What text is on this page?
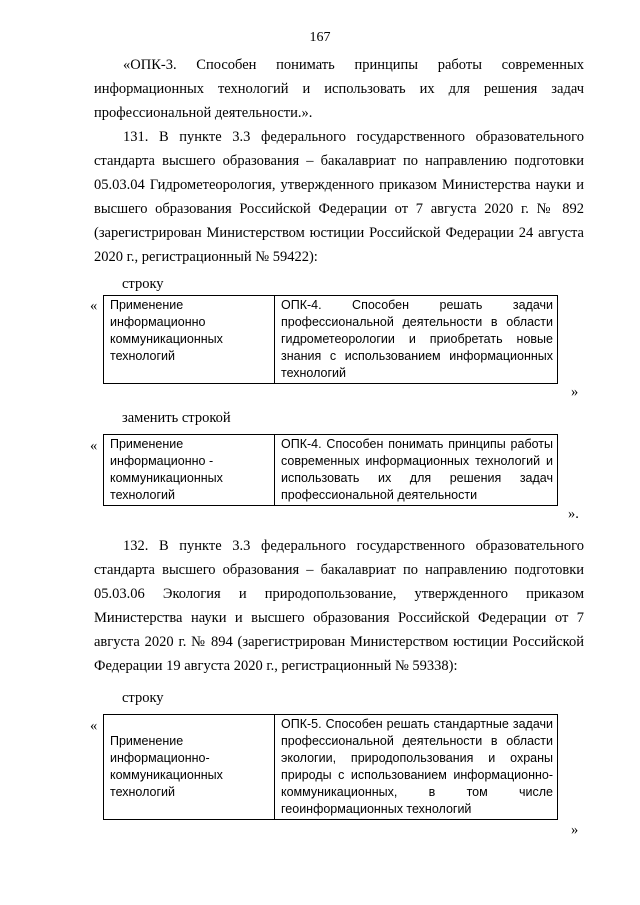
167

«ОПК-3. Способен понимать принципы работы современных информационных технологий и использовать их для решения задач профессиональной деятельности.».

131. В пункте 3.3 федерального государственного образовательного стандарта высшего образования – бакалавриат по направлению подготовки 05.03.04 Гидрометеорология, утвержденного приказом Министерства науки и высшего образования Российской Федерации от 7 августа 2020 г. № 892 (зарегистрирован Министерством юстиции Российской Федерации 24 августа 2020 г., регистрационный № 59422):

строку
« Применение информационно коммуникационных технологий	ОПК-4. Способен решать задачи профессиональной деятельности в области гидрометеорологии и приобретать новые знания с использованием информационных технологий
»
заменить строкой
« Применение информационно - коммуникационных технологий	ОПК-4. Способен понимать принципы работы современных информационных технологий и использовать их для решения задач профессиональной деятельности
».

132. В пункте 3.3 федерального государственного образовательного стандарта высшего образования – бакалавриат по направлению подготовки 05.03.06 Экология и природопользование, утвержденного приказом Министерства науки и высшего образования Российской Федерации от 7 августа 2020 г. № 894 (зарегистрирован Министерством юстиции Российской Федерации 19 августа 2020 г., регистрационный № 59338):

строку
«
Применение информационно-коммуникационных технологий	ОПК-5. Способен решать стандартные задачи профессиональной деятельности в области экологии, природопользования и охраны природы с использованием информационно-коммуникационных, в том числе геоинформационных технологий
»
